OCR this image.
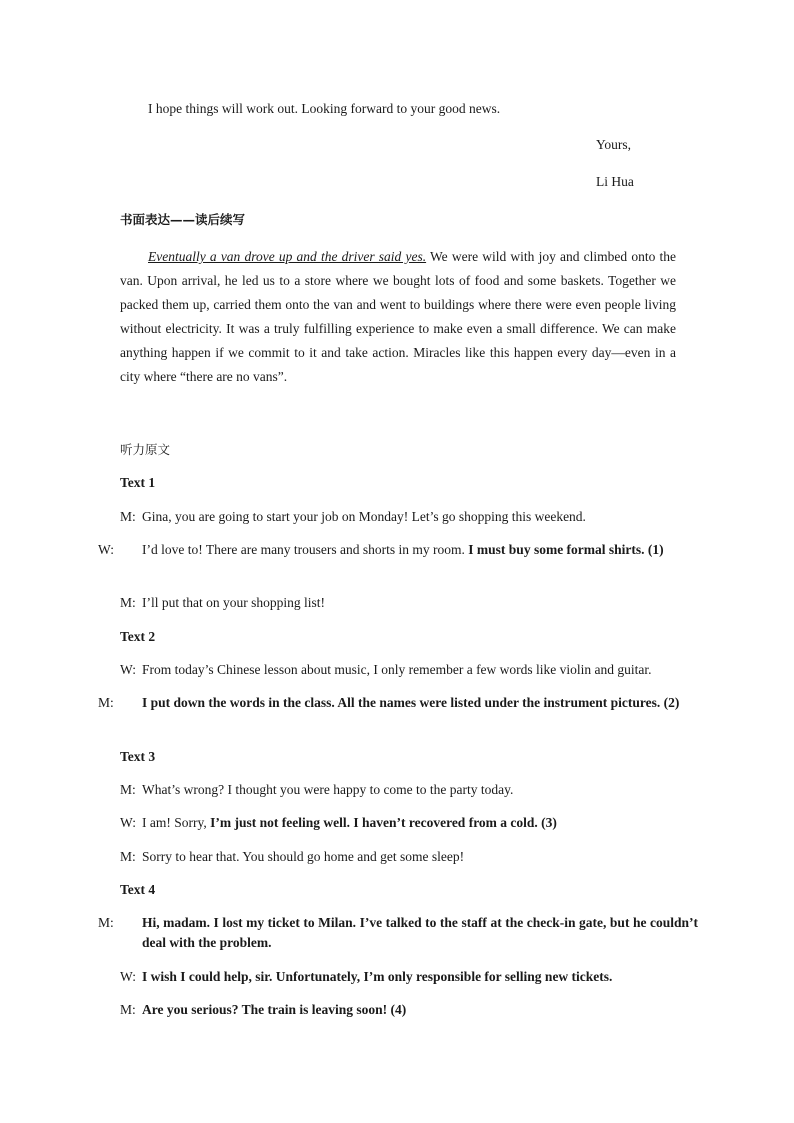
I hope things will work out. Looking forward to your good news.

Yours,
Li Hua

书面表达——读后续写

Eventually a van drove up and the driver said yes. We were wild with joy and climbed onto the van. Upon arrival, he led us to a store where we bought lots of food and some baskets. Together we packed them up, carried them onto the van and went to buildings where there were even people living without electricity. It was a truly fulfilling experience to make even a small difference. We can make anything happen if we commit to it and take action. Miracles like this happen every day—even in a city where “there are no vans”.

听力原文

Text 1

M: Gina, you are going to start your job on Monday! Let’s go shopping this weekend.

W: I’d love to! There are many trousers and shorts in my room. I must buy some formal shirts. (1)

M: I’ll put that on your shopping list!

Text 2

W: From today’s Chinese lesson about music, I only remember a few words like violin and guitar.

M: I put down the words in the class. All the names were listed under the instrument pictures. (2)

Text 3

M: What’s wrong? I thought you were happy to come to the party today.

W: I am! Sorry, I’m just not feeling well. I haven’t recovered from a cold. (3)

M: Sorry to hear that. You should go home and get some sleep!

Text 4

M: Hi, madam. I lost my ticket to Milan. I’ve talked to the staff at the check-in gate, but he couldn’t deal with the problem.

W: I wish I could help, sir. Unfortunately, I’m only responsible for selling new tickets.

M: Are you serious? The train is leaving soon! (4)
